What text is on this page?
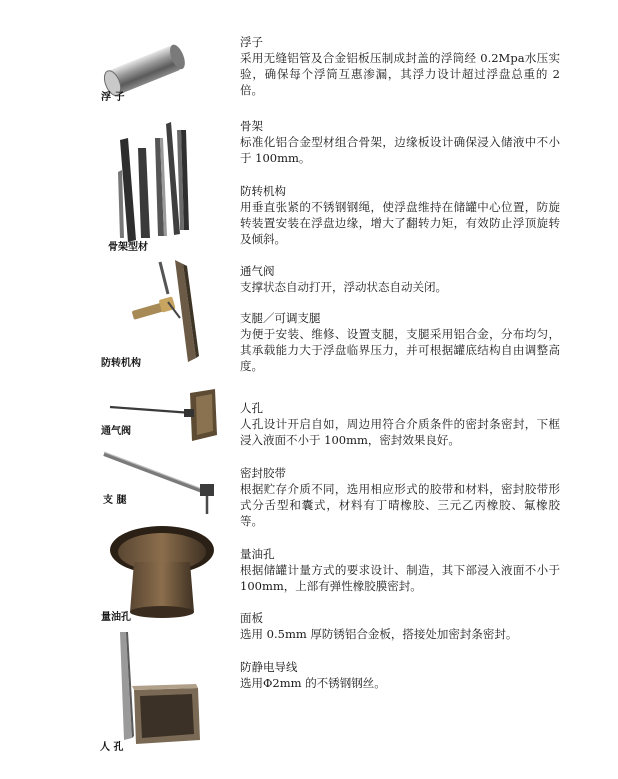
浮 子
骨架型材
防转机构
通气阀
支 腿
量油孔
人 孔
浮子
采用无缝铝管及合金铝板压制成封盖的浮筒经 0.2Mpa水压实验，确保每个浮筒互惠渗漏，其浮力设计超过浮盘总重的 2 倍。
骨架
标准化铝合金型材组合骨架，边缘板设计确保浸入储液中不小于 100mm。
防转机构
用垂直张紧的不锈钢钢绳，使浮盘维持在储罐中心位置，防旋转装置安装在浮盘边缘，增大了翻转力矩，有效防止浮顶旋转及倾斜。
通气阀
支撑状态自动打开，浮动状态自动关闭。
支腿／可调支腿
为便于安装、维修、设置支腿，支腿采用铝合金，分布均匀，其承载能力大于浮盘临界压力，并可根据罐底结构自由调整高度。
人孔
人孔设计开启自如，周边用符合介质条件的密封条密封，下框浸入液面不小于 100mm，密封效果良好。
密封胶带
根据贮存介质不同，选用相应形式的胶带和材料，密封胶带形式分舌型和囊式，材料有丁晴橡胶、三元乙丙橡胶、氟橡胶等。
量油孔
根据储罐计量方式的要求设计、制造，其下部浸入液面不小于 100mm，上部有弹性橡胶膜密封。
面板
选用 0.5mm 厚防锈铝合金板，搭接处加密封条密封。
防静电导线
选用Φ2mm 的不锈钢钢丝。
